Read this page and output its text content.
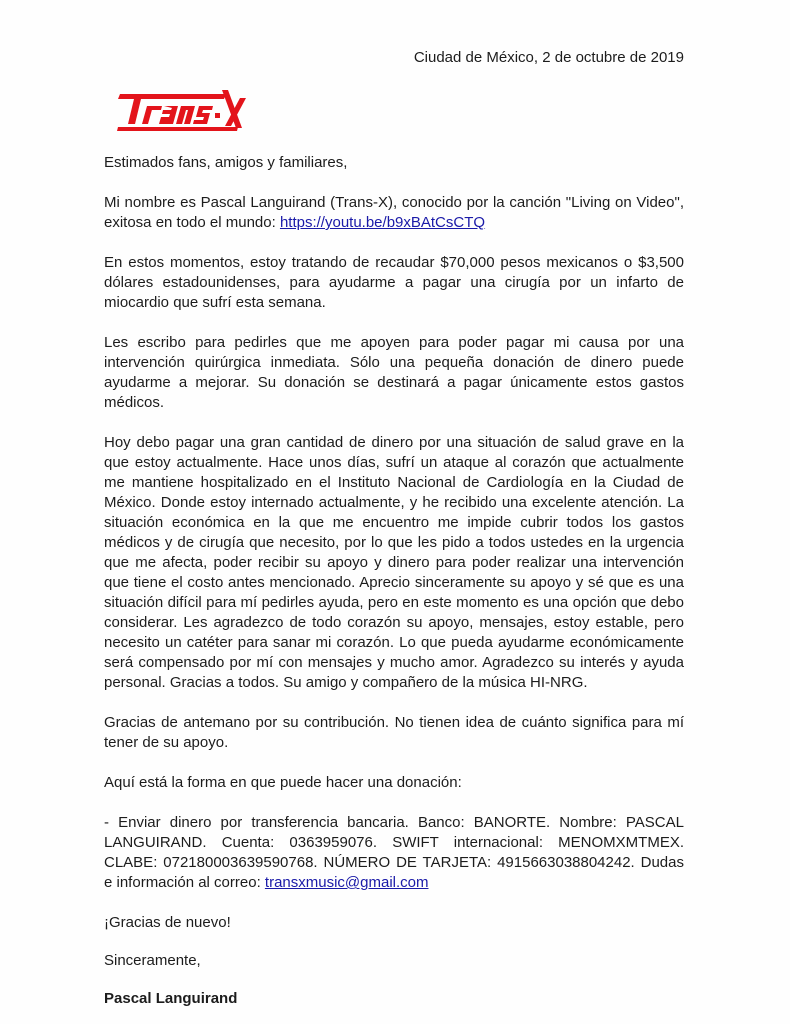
Ciudad de México, 2 de octubre de 2019

Estimados fans, amigos y familiares,

Mi nombre es Pascal Languirand (Trans-X), conocido por la canción "Living on Video", exitosa en todo el mundo: https://youtu.be/b9xBAtCsCTQ

En estos momentos, estoy tratando de recaudar $70,000 pesos mexicanos o $3,500 dólares estadounidenses, para ayudarme a pagar una cirugía por un infarto de miocardio que sufrí esta semana.

Les escribo para pedirles que me apoyen para poder pagar mi causa por una intervención quirúrgica inmediata. Sólo una pequeña donación de dinero puede ayudarme a mejorar. Su donación se destinará a pagar únicamente estos gastos médicos.

Hoy debo pagar una gran cantidad de dinero por una situación de salud grave en la que estoy actualmente. Hace unos días, sufrí un ataque al corazón que actualmente me mantiene hospitalizado en el Instituto Nacional de Cardiología en la Ciudad de México. Donde estoy internado actualmente, y he recibido una excelente atención. La situación económica en la que me encuentro me impide cubrir todos los gastos médicos y de cirugía que necesito, por lo que les pido a todos ustedes en la urgencia que me afecta, poder recibir su apoyo y dinero para poder realizar una intervención que tiene el costo antes mencionado. Aprecio sinceramente su apoyo y sé que es una situación difícil para mí pedirles ayuda, pero en este momento es una opción que debo considerar. Les agradezco de todo corazón su apoyo, mensajes, estoy estable, pero necesito un catéter para sanar mi corazón. Lo que pueda ayudarme económicamente será compensado por mí con mensajes y mucho amor. Agradezco su interés y ayuda personal. Gracias a todos. Su amigo y compañero de la música HI-NRG.

Gracias de antemano por su contribución. No tienen idea de cuánto significa para mí tener de su apoyo.

Aquí está la forma en que puede hacer una donación:

- Enviar dinero por transferencia bancaria. Banco: BANORTE. Nombre: PASCAL LANGUIRAND. Cuenta: 0363959076. SWIFT internacional: MENOMXMTMEX. CLABE: 072180003639590768. NÚMERO DE TARJETA: 4915663038804242. Dudas e información al correo: transxmusic@gmail.com

¡Gracias de nuevo!

Sinceramente,

Pascal Languirand
